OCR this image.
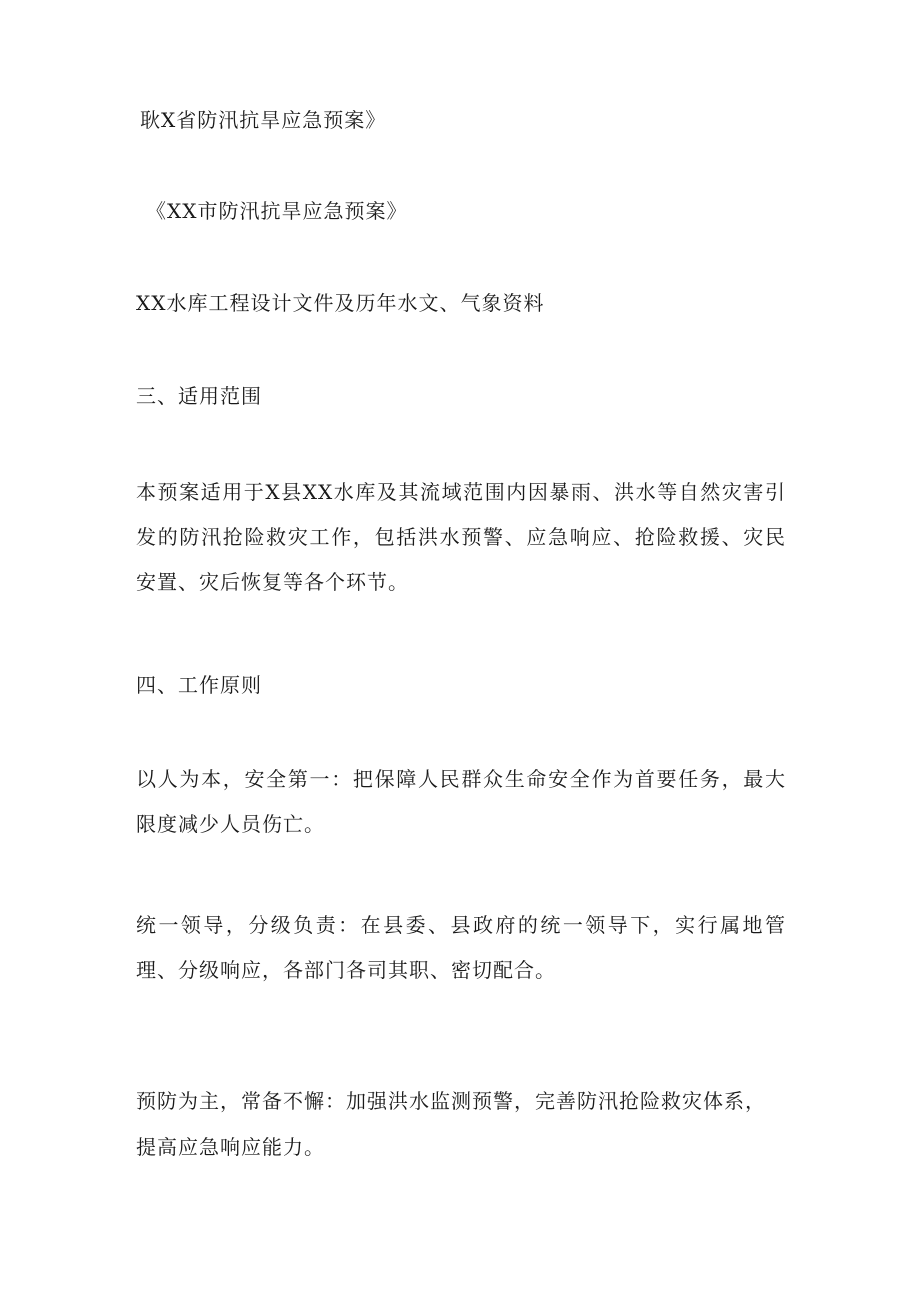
耿X省防汛抗旱应急预案》
《XX市防汛抗旱应急预案》
XX水库工程设计文件及历年水文、气象资料
三、适用范围
本预案适用于X县XX水库及其流域范围内因暴雨、洪水等自然灾害引发的防汛抢险救灾工作，包括洪水预警、应急响应、抢险救援、灾民安置、灾后恢复等各个环节。
四、工作原则
以人为本，安全第一：把保障人民群众生命安全作为首要任务，最大限度减少人员伤亡。
统一领导，分级负责：在县委、县政府的统一领导下，实行属地管理、分级响应，各部门各司其职、密切配合。
预防为主，常备不懈：加强洪水监测预警，完善防汛抢险救灾体系，
提高应急响应能力。
